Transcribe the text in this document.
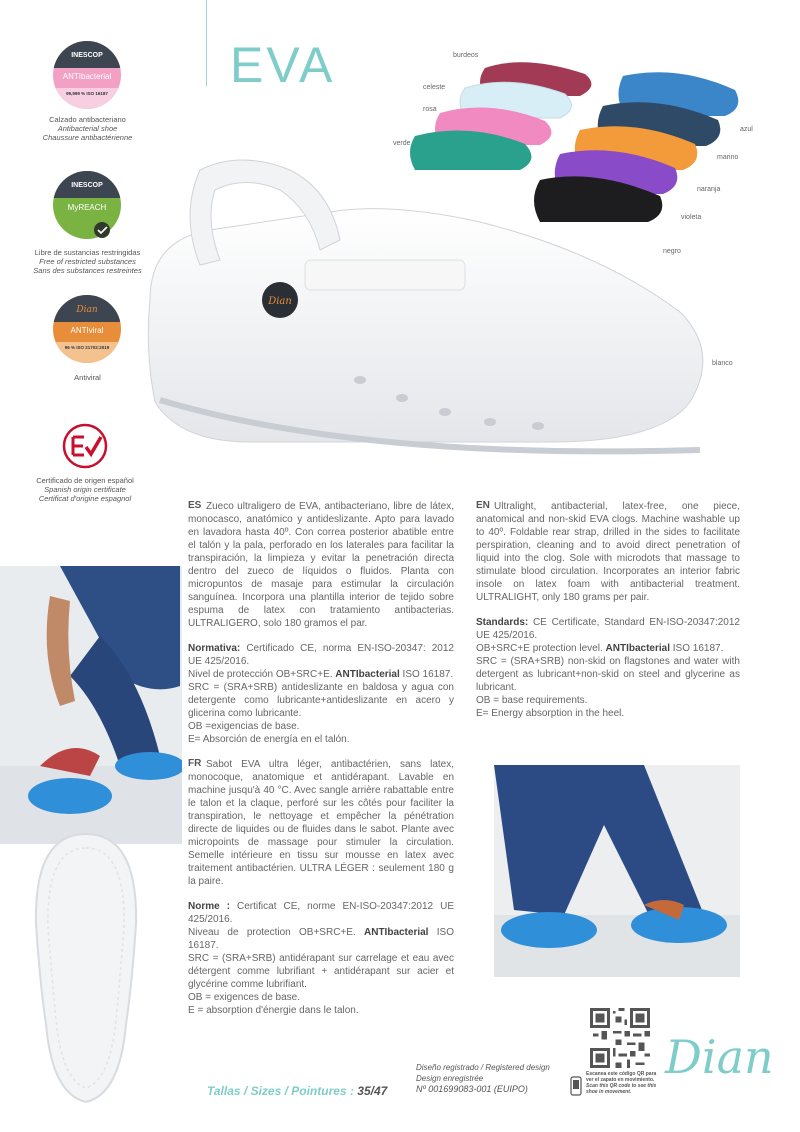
EVA
INESCOP
ANTIbacterial
99,999 % ISO 16187
Calzado antibacteriano
Antibacterial shoe
Chaussure antibactérienne
INESCOP
MyREACH
Libre de sustancias restringidas
Free of restricted substances
Sans des substances restreintes
Dian
ANTIviral
96 % ISO 21702:2019
Antiviral
Certificado de origen español
Spanish origin certificate
Certificat d'origine espagnol
burdeos
celeste
rosa
verde
azul
marino
naranja
violeta
negro
Dian
blanco
ES Zueco ultraligero de EVA, antibacteriano, libre de látex, monocasco, anatómico y antideslizante. Apto para lavado en lavadora hasta 40º. Con correa posterior abatible entre el talón y la pala, perforado en los laterales para facilitar la transpiración, la limpieza y evitar la penetración directa dentro del zueco de líquidos o fluidos. Planta con micropuntos de masaje para estimular la circulación sanguínea. Incorpora una plantilla interior de tejido sobre espuma de latex con tratamiento antibacterias. ULTRALIGERO, solo 180 gramos el par.

Normativa: Certificado CE, norma EN-ISO-20347: 2012 UE 425/2016.

Nivel de protección OB+SRC+E. ANTIbacterial ISO 16187.

SRC = (SRA+SRB) antideslizante en baldosa y agua con detergente como lubricante+antideslizante en acero y glicerina como lubricante.

OB =exigencias de base.

E= Absorción de energía en el talón.

EN Ultralight, antibacterial, latex-free, one piece, anatomical and non-skid EVA clogs. Machine washable up to 40º. Foldable rear strap, drilled in the sides to facilitate perspiration, cleaning and to avoid direct penetration of liquid into the clog. Sole with microdots that massage to stimulate blood circulation. Incorporates an interior fabric insole on latex foam with antibacterial treatment. ULTRALIGHT, only 180 grams per pair.

Standards: CE Certificate, Standard EN-ISO-20347:2012 UE 425/2016.

OB+SRC+E protection level. ANTIbacterial ISO 16187.

SRC = (SRA+SRB) non-skid on flagstones and water with detergent as lubricant+non-skid on steel and glycerine as lubricant.

OB = base requirements.

E= Energy absorption in the heel.

FR Sabot EVA ultra léger, antibactérien, sans latex, monocoque, anatomique et antidérapant. Lavable en machine jusqu'à 40 °C. Avec sangle arrière rabattable entre le talon et la claque, perforé sur les côtés pour faciliter la transpiration, le nettoyage et empêcher la pénétration directe de liquides ou de fluides dans le sabot. Plante avec micropoints de massage pour stimuler la circulation. Semelle intérieure en tissu sur mousse en latex avec traitement antibactérien. ULTRA LÉGER : seulement 180 g la paire.

Norme : Certificat CE, norme EN-ISO-20347:2012 UE 425/2016.

Niveau de protection OB+SRC+E. ANTIbacterial ISO 16187.

SRC = (SRA+SRB) antidérapant sur carrelage et eau avec détergent comme lubrifiant + antidérapant sur acier et glycérine comme lubrifiant.

OB = exigences de base.

E = absorption d'énergie dans le talon.

Tallas / Sizes / Pointures : 35/47
Diseño registrado / Registered design
Design enregistrée
Nº 001699083-001 (EUIPO)
Escanea este código QR para ver el zapato en movimiento.
Scan this QR code to see this shoe in movement.
Dian
